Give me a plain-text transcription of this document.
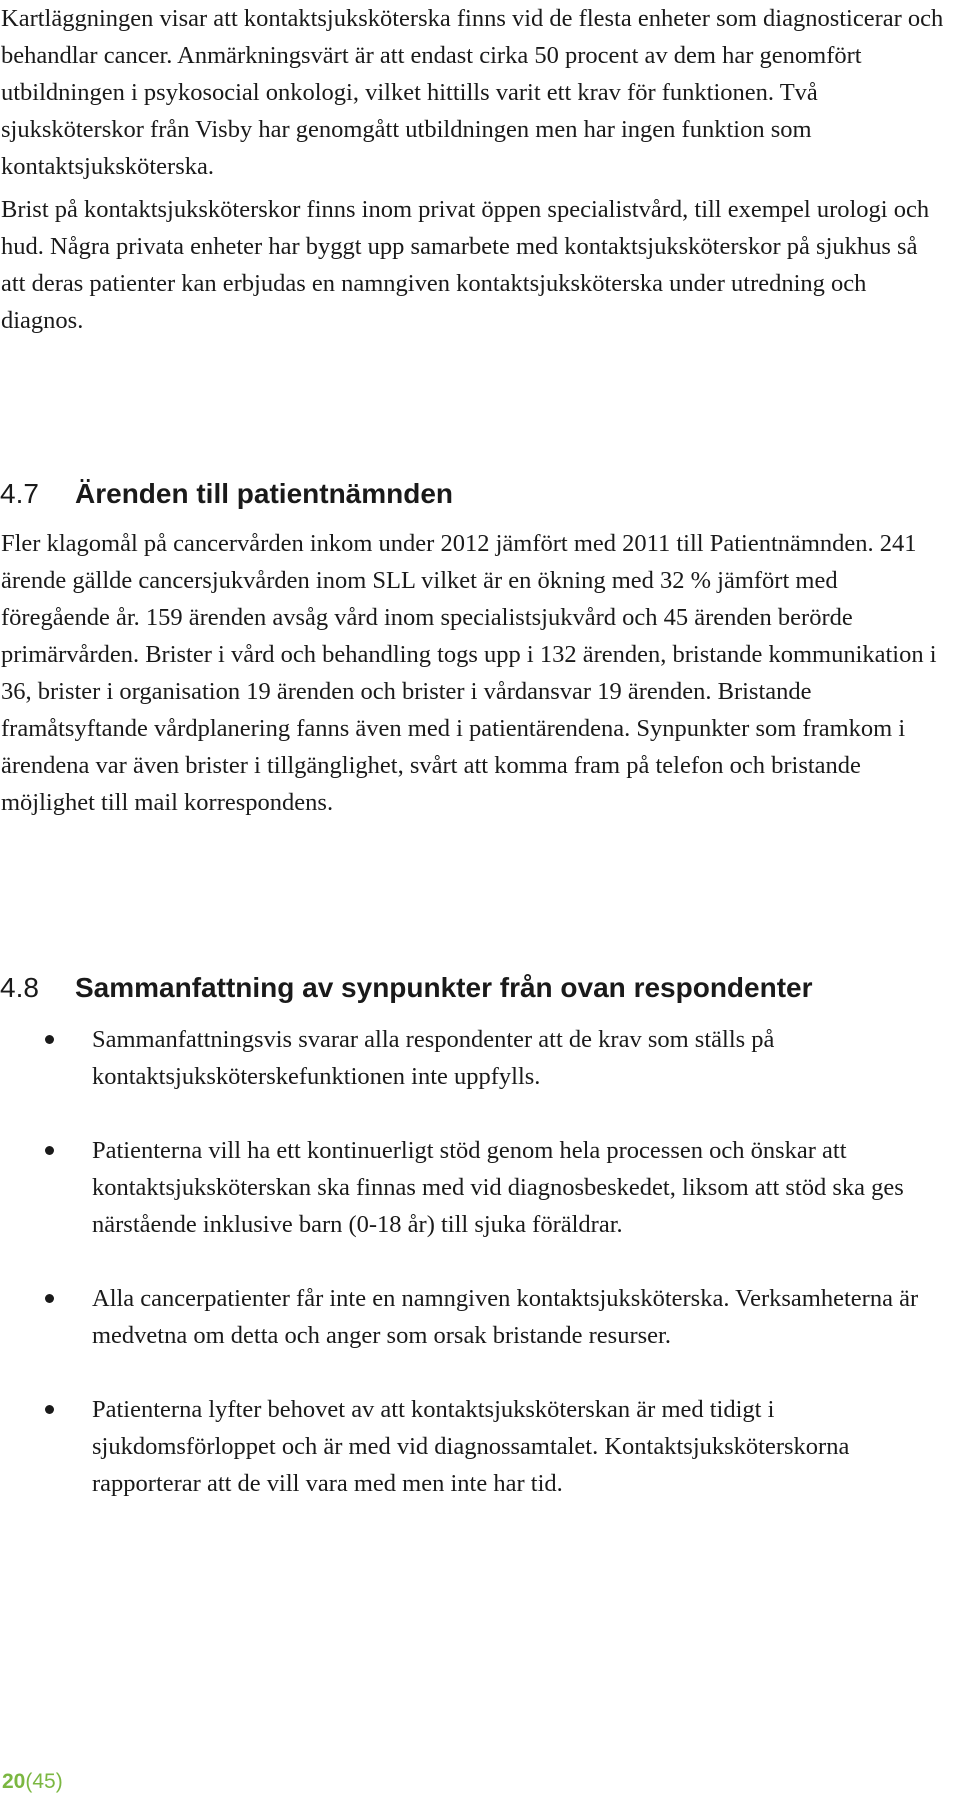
Kartläggningen visar att kontaktsjuksköterska finns vid de flesta enheter som diagnosticerar och behandlar cancer. Anmärkningsvärt är att endast cirka 50 procent av dem har genomfört utbildningen i psykosocial onkologi, vilket hittills varit ett krav för funktionen. Två sjuksköterskor från Visby har genomgått utbildningen men har ingen funktion som kontaktsjuksköterska.

Brist på kontaktsjuksköterskor finns inom privat öppen specialistvård, till exempel urologi och hud. Några privata enheter har byggt upp samarbete med kontaktsjuksköterskor på sjukhus så att deras patienter kan erbjudas en namngiven kontaktsjuksköterska under utredning och diagnos.

4.7 Ärenden till patientnämnden

Fler klagomål på cancervården inkom under 2012 jämfört med 2011 till Patientnämnden. 241 ärende gällde cancersjukvården inom SLL vilket är en ökning med 32 % jämfört med föregående år. 159 ärenden avsåg vård inom specialistsjukvård och 45 ärenden berörde primärvården. Brister i vård och behandling togs upp i 132 ärenden, bristande kommunikation i 36, brister i organisation 19 ärenden och brister i vårdansvar 19 ärenden. Bristande framåtsyftande vårdplanering fanns även med i patientärendena. Synpunkter som framkom i ärendena var även brister i tillgänglighet, svårt att komma fram på telefon och bristande möjlighet till mail korrespondens.

4.8 Sammanfattning av synpunkter från ovan respondenter
Sammanfattningsvis svarar alla respondenter att de krav som ställs på kontaktsjuksköterskefunktionen inte uppfylls.
Patienterna vill ha ett kontinuerligt stöd genom hela processen och önskar att kontaktsjuksköterskan ska finnas med vid diagnosbeskedet, liksom att stöd ska ges närstående inklusive barn (0-18 år) till sjuka föräldrar.
Alla cancerpatienter får inte en namngiven kontaktsjuksköterska. Verksamheterna är medvetna om detta och anger som orsak bristande resurser.
Patienterna lyfter behovet av att kontaktsjuksköterskan är med tidigt i sjukdomsförloppet och är med vid diagnossamtalet. Kontaktsjuksköterskorna rapporterar att de vill vara med men inte har tid.
20(45)
